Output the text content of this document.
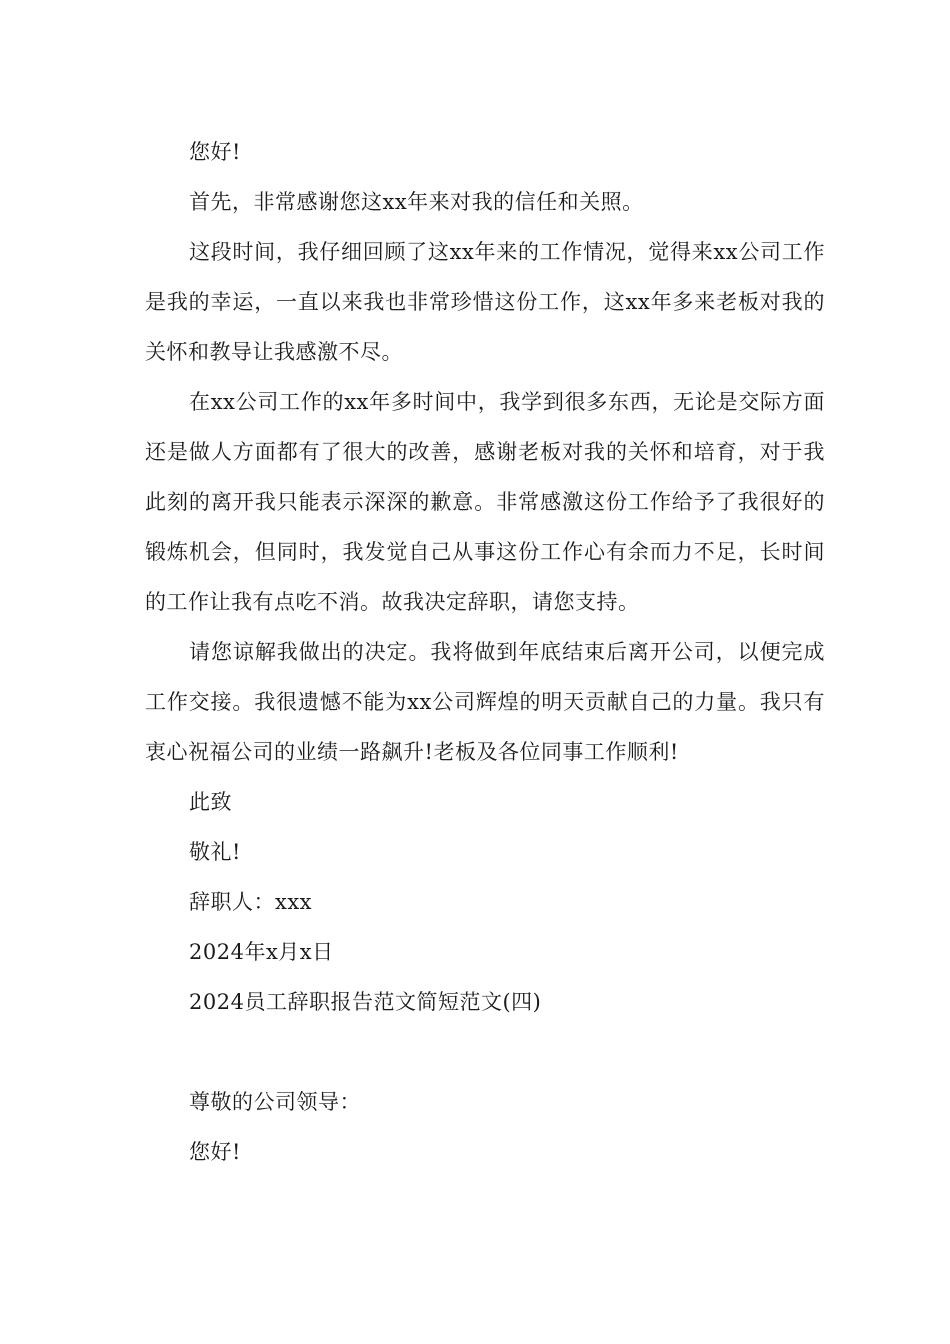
您好!

首先，非常感谢您这xx年来对我的信任和关照。

这段时间，我仔细回顾了这xx年来的工作情况，觉得来xx公司工作是我的幸运，一直以来我也非常珍惜这份工作，这xx年多来老板对我的关怀和教导让我感激不尽。

在xx公司工作的xx年多时间中，我学到很多东西，无论是交际方面还是做人方面都有了很大的改善，感谢老板对我的关怀和培育，对于我此刻的离开我只能表示深深的歉意。非常感激这份工作给予了我很好的锻炼机会，但同时，我发觉自己从事这份工作心有余而力不足，长时间的工作让我有点吃不消。故我决定辞职，请您支持。

请您谅解我做出的决定。我将做到年底结束后离开公司，以便完成工作交接。我很遗憾不能为xx公司辉煌的明天贡献自己的力量。我只有衷心祝福公司的业绩一路飙升!老板及各位同事工作顺利!

此致

敬礼!

辞职人：xxx

2024年x月x日

2024员工辞职报告范文简短范文(四)

尊敬的公司领导：

您好!
